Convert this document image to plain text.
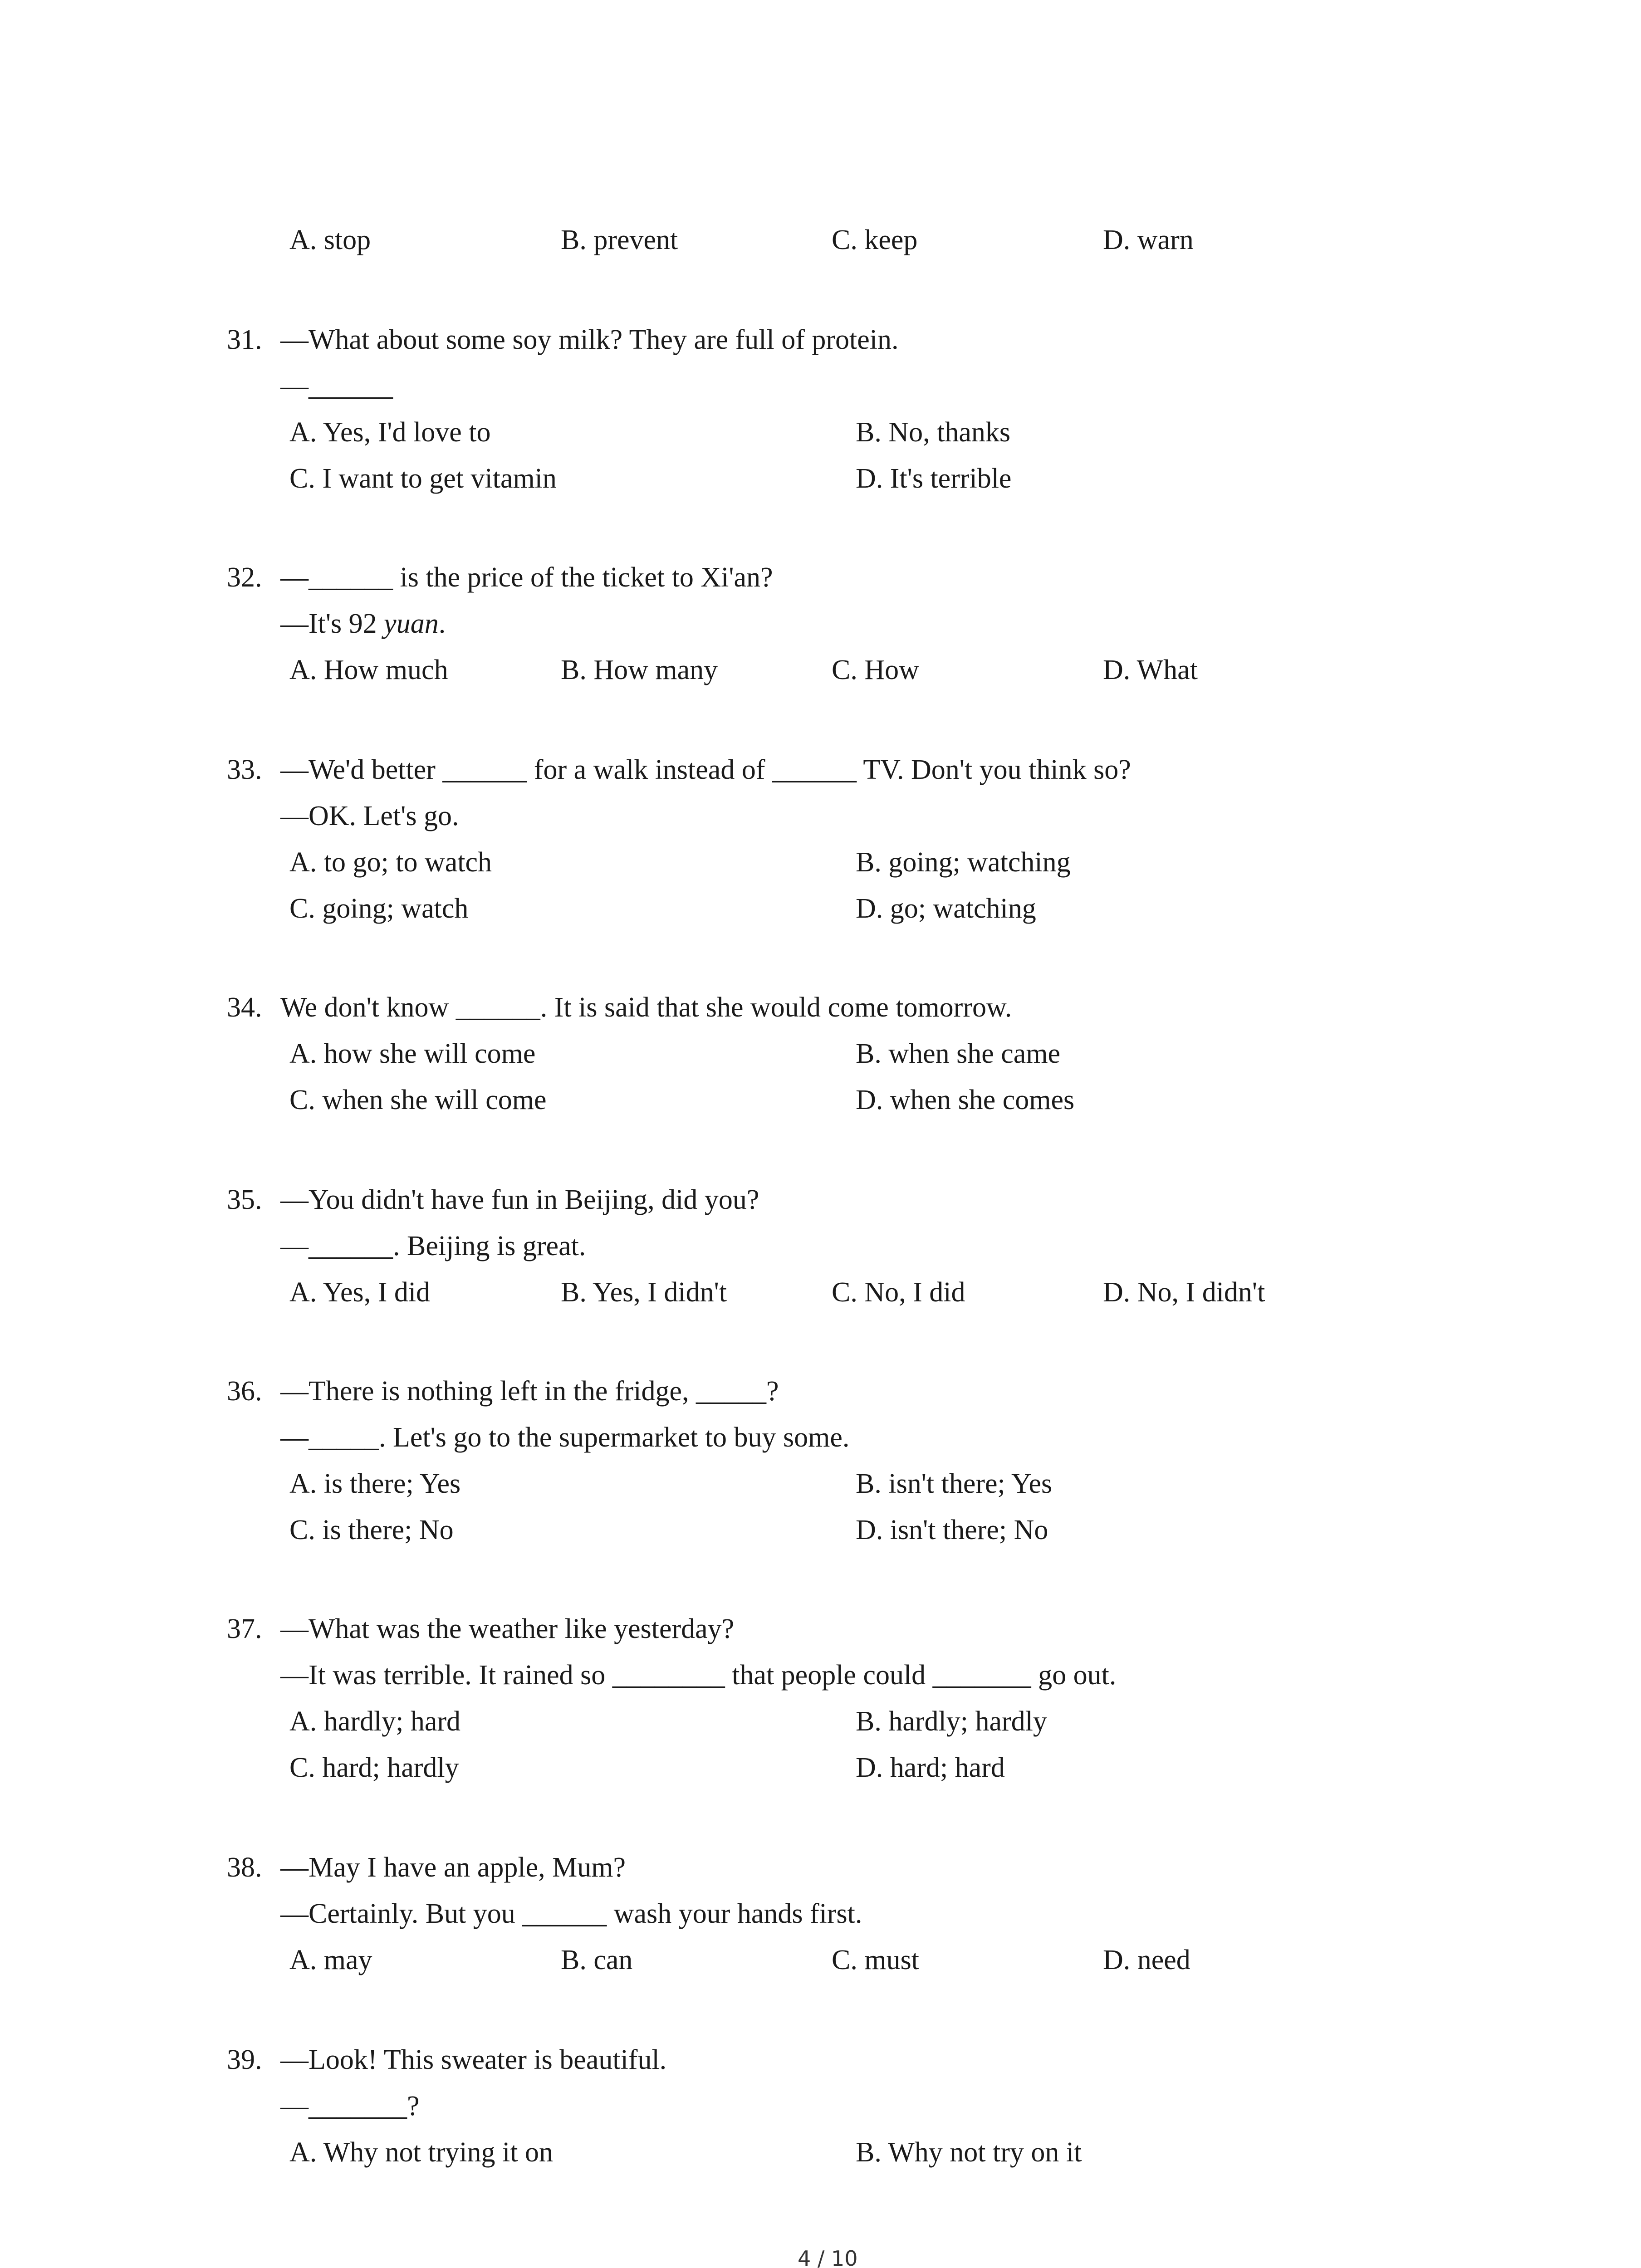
A. stop	B. prevent	C. keep	D. warn
31. —What about some soy milk? They are full of protein.
—______
A. Yes, I'd love to	B. No, thanks
C. I want to get vitamin	D. It's terrible
32. —______ is the price of the ticket to Xi'an?
—It's 92 yuan.
A. How much	B. How many	C. How	D. What
33. —We'd better ______ for a walk instead of ______ TV. Don't you think so?
—OK. Let's go.
A. to go; to watch	B. going; watching
C. going; watch	D. go; watching
34. We don't know ______. It is said that she would come tomorrow.
A. how she will come	B. when she came
C. when she will come	D. when she comes
35. —You didn't have fun in Beijing, did you?
—______. Beijing is great.
A. Yes, I did	B. Yes, I didn't	C. No, I did	D. No, I didn't
36. —There is nothing left in the fridge, _____?
—_____. Let's go to the supermarket to buy some.
A. is there; Yes	B. isn't there; Yes
C. is there; No	D. isn't there; No
37. —What was the weather like yesterday?
—It was terrible. It rained so ________ that people could _______ go out.
A. hardly; hard	B. hardly; hardly
C. hard; hardly	D. hard; hard
38. —May I have an apple, Mum?
—Certainly. But you ______ wash your hands first.
A. may	B. can	C. must	D. need
39. —Look! This sweater is beautiful.
—_______?
A. Why not trying it on	B. Why not try on it
4 / 10
